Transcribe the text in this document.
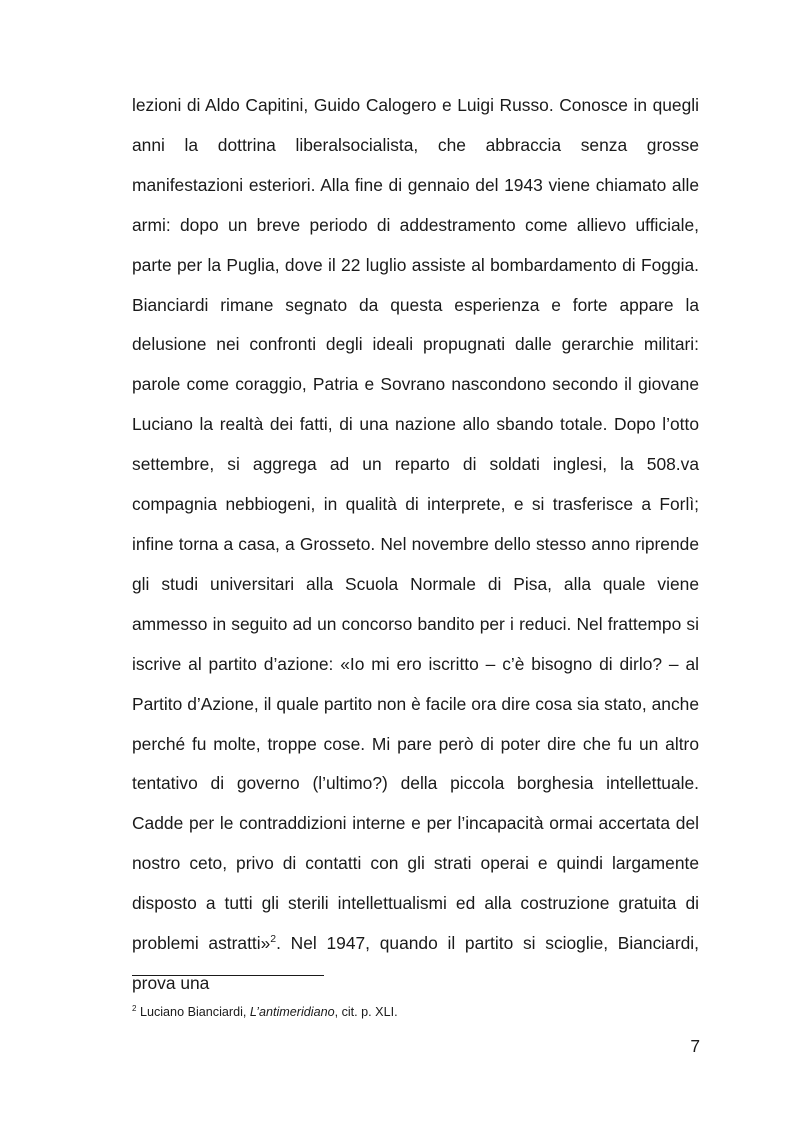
lezioni di Aldo Capitini, Guido Calogero e Luigi Russo. Conosce in quegli anni la dottrina liberalsocialista, che abbraccia senza grosse manifestazioni esteriori. Alla fine di gennaio del 1943 viene chiamato alle armi: dopo un breve periodo di addestramento come allievo ufficiale, parte per la Puglia, dove il 22 luglio assiste al bombardamento di Foggia. Bianciardi rimane segnato da questa esperienza e forte appare la delusione nei confronti degli ideali propugnati dalle gerarchie militari: parole come coraggio, Patria e Sovrano nascondono secondo il giovane Luciano la realtà dei fatti, di una nazione allo sbando totale. Dopo l’otto settembre, si aggrega ad un reparto di soldati inglesi, la 508.va compagnia nebbiogeni, in qualità di interprete, e si trasferisce a Forlì; infine torna a casa, a Grosseto. Nel novembre dello stesso anno riprende gli studi universitari alla Scuola Normale di Pisa, alla quale viene ammesso in seguito ad un concorso bandito per i reduci. Nel frattempo si iscrive al partito d’azione: «Io mi ero iscritto – c’è bisogno di dirlo? – al Partito d’Azione, il quale partito non è facile ora dire cosa sia stato, anche perché fu molte, troppe cose. Mi pare però di poter dire che fu un altro tentativo di governo (l’ultimo?) della piccola borghesia intellettuale. Cadde per le contraddizioni interne e per l’incapacità ormai accertata del nostro ceto, privo di contatti con gli strati operai e quindi largamente disposto a tutti gli sterili intellettualismi ed alla costruzione gratuita di problemi astratti»$^2$. Nel 1947, quando il partito si scioglie, Bianciardi, prova una

$^2$ Luciano Bianciardi, L’antimeridiano, cit. p. XLI.

7
